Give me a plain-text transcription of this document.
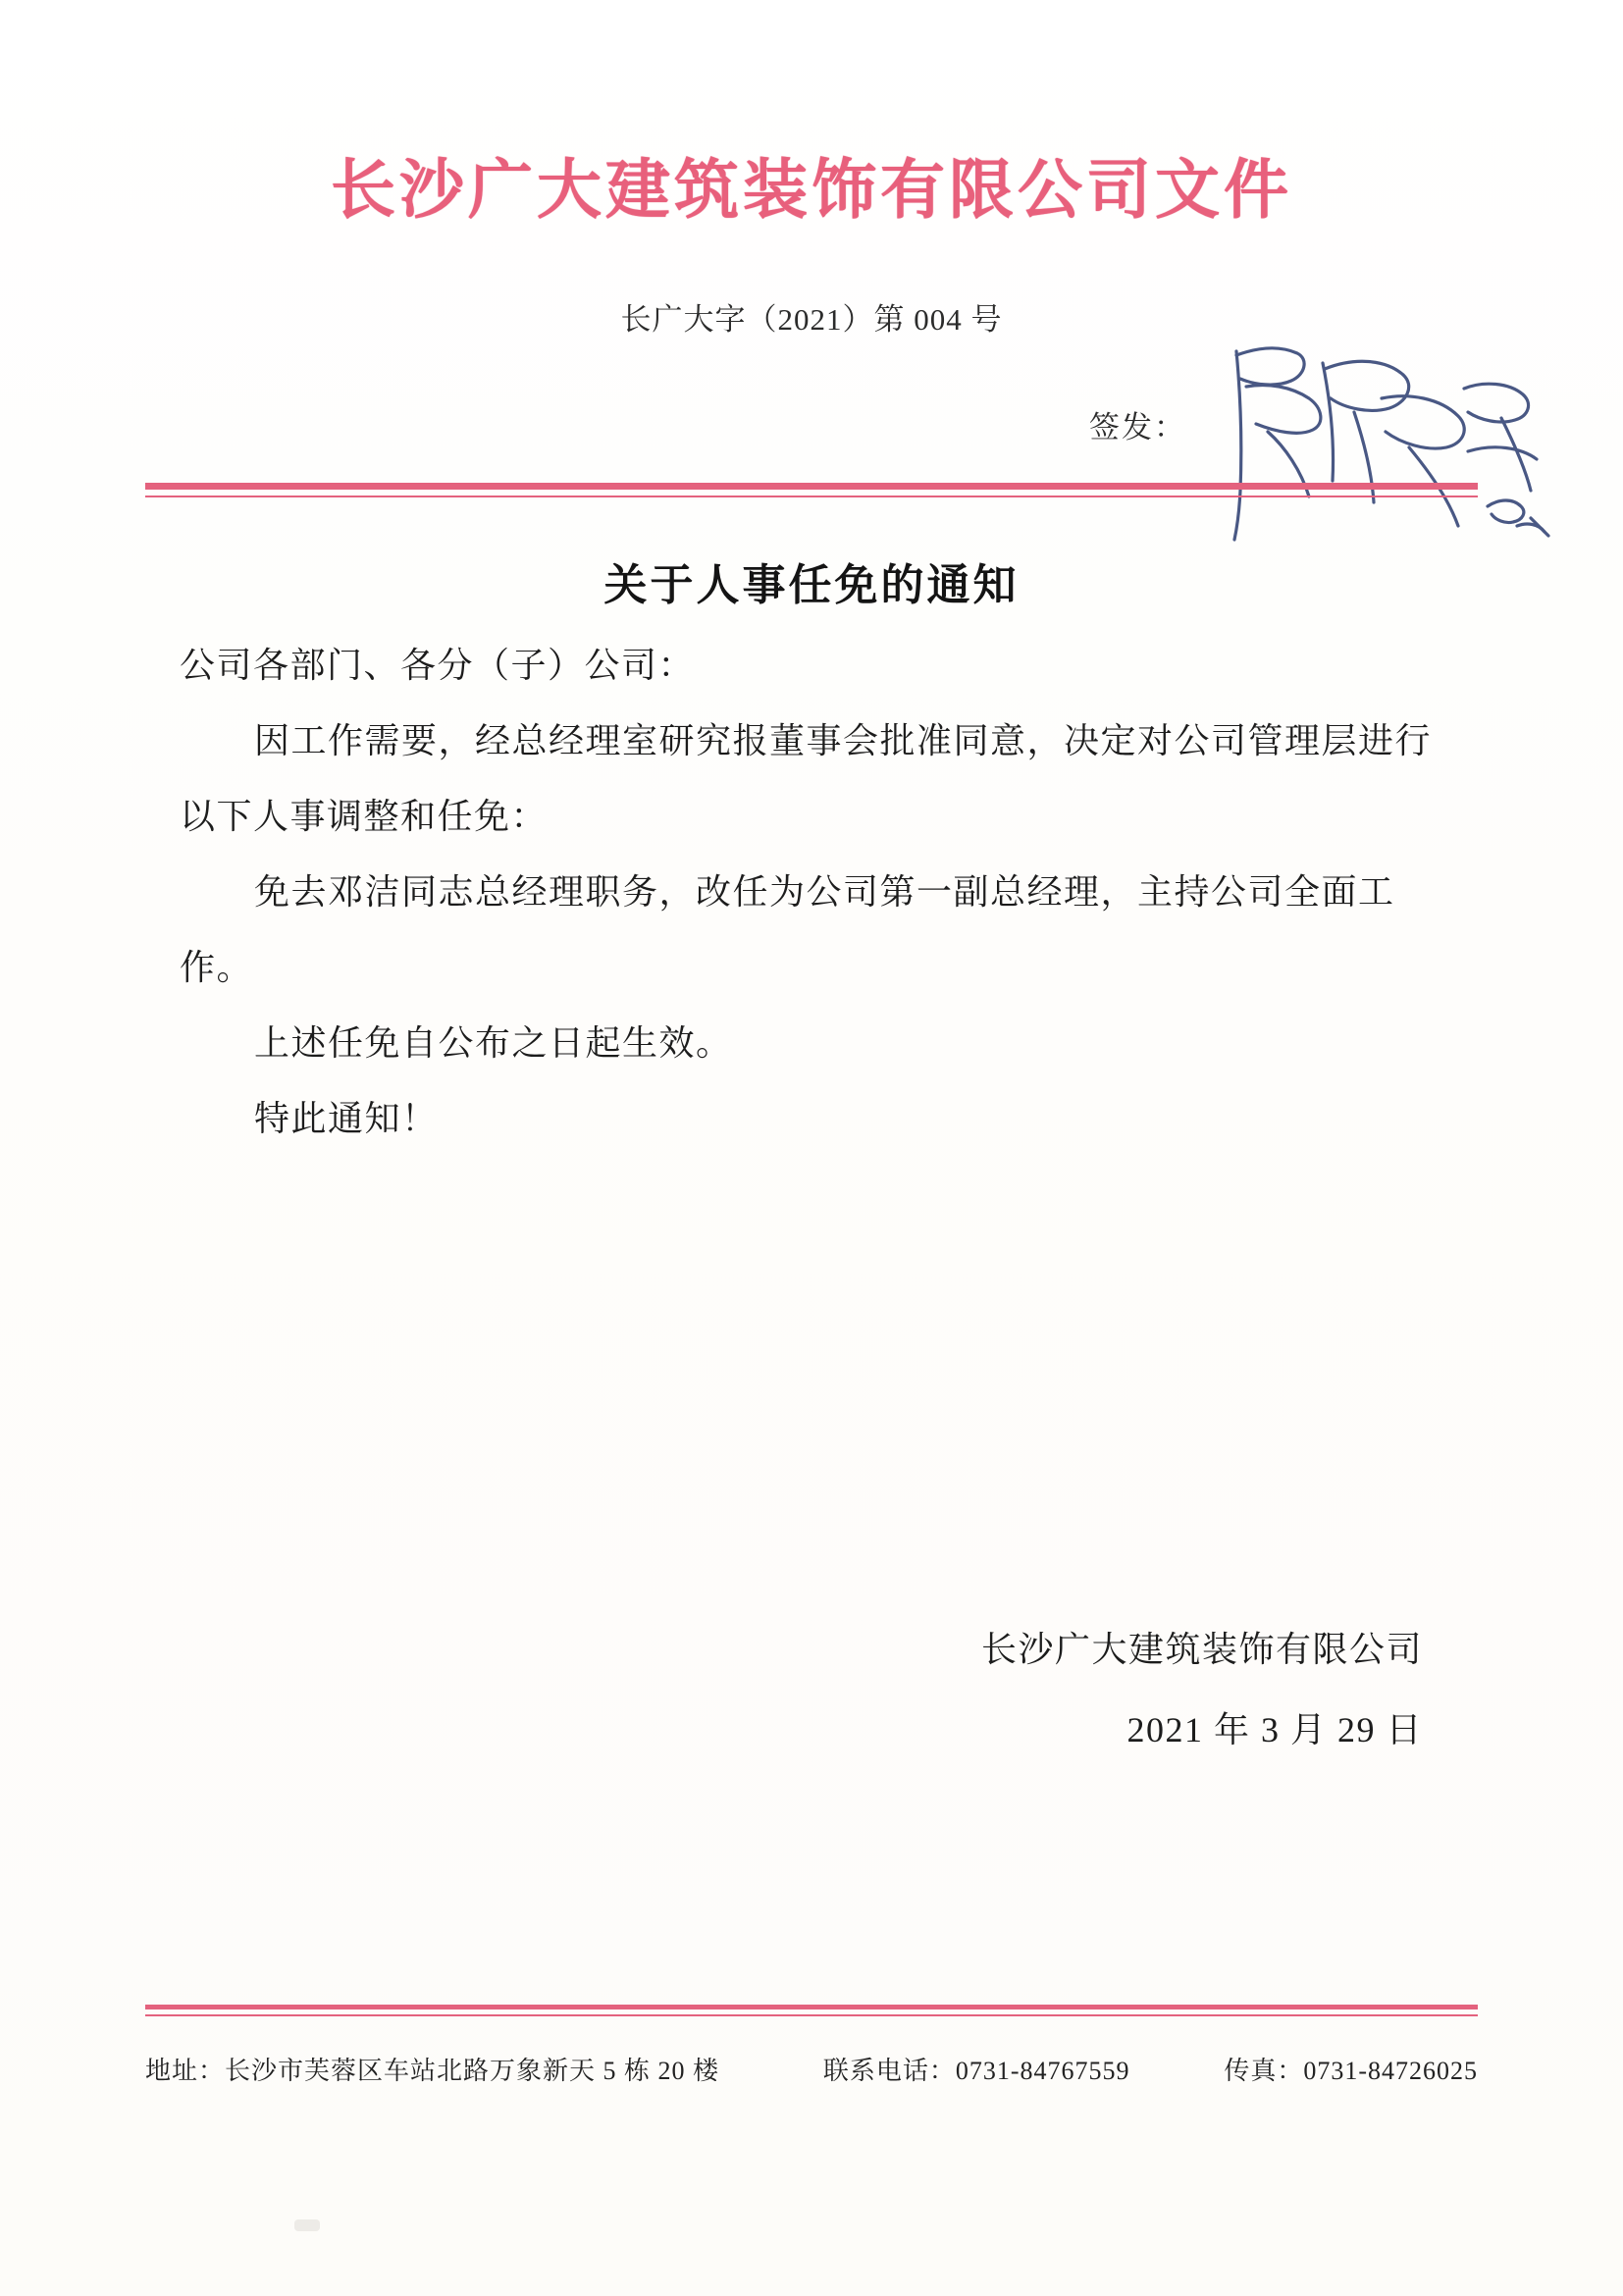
长沙广大建筑装饰有限公司文件
长广大字（2021）第 004 号
签发：
关于人事任免的通知

公司各部门、各分（子）公司：

因工作需要，经总经理室研究报董事会批准同意，决定对公司管理层进行以下人事调整和任免：

免去邓洁同志总经理职务，改任为公司第一副总经理，主持公司全面工作。

上述任免自公布之日起生效。

特此通知！

长沙广大建筑装饰有限公司
2021 年 3 月 29 日
地址：长沙市芙蓉区车站北路万象新天 5 栋 20 楼	联系电话：0731-84767559	传真：0731-84726025
